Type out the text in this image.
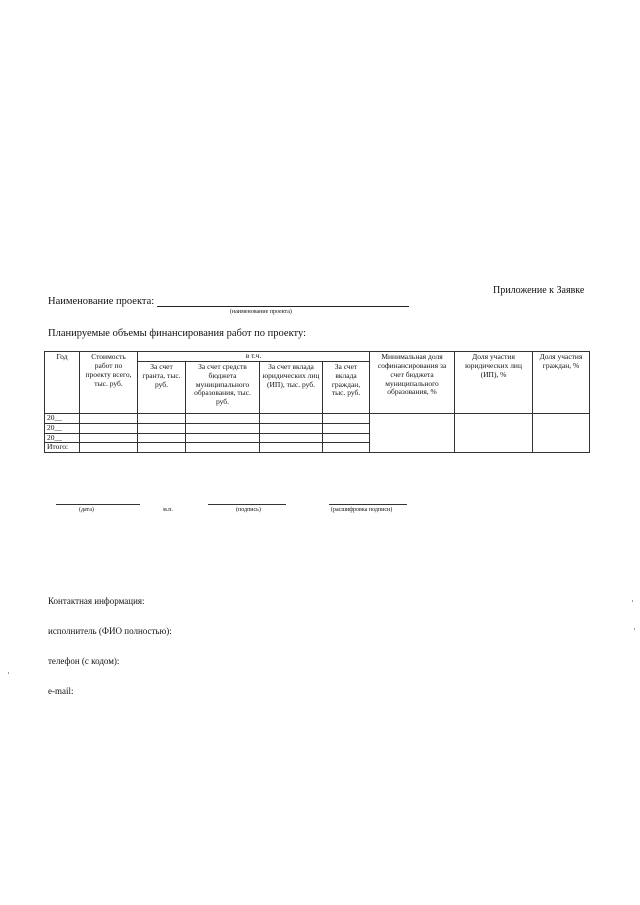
Приложение к Заявке
Наименование проекта:
(наименование проекта)
Планируемые объемы финансирования работ по проекту:
Год	Стоимость работ по проекту всего, тыс. руб.	в т.ч.				Минимальная доля софинансирования за счет бюджета муниципального образования, %	Доля участия юридических лиц (ИП), %	Доля участия граждан, %
		За счет гранта, тыс. руб.	За счет средств бюджета муниципального образования, тыс. руб.	За счет вклада юридических лиц (ИП), тыс. руб.	За счет вклада граждан, тыс. руб.			
20__								
20__								
20__								
Итого:								
(дата)	м.п.	(подпись)	(расшифровка подписи)

Контактная информация:

исполнитель (ФИО полностью):

телефон (с кодом):

e-mail:
